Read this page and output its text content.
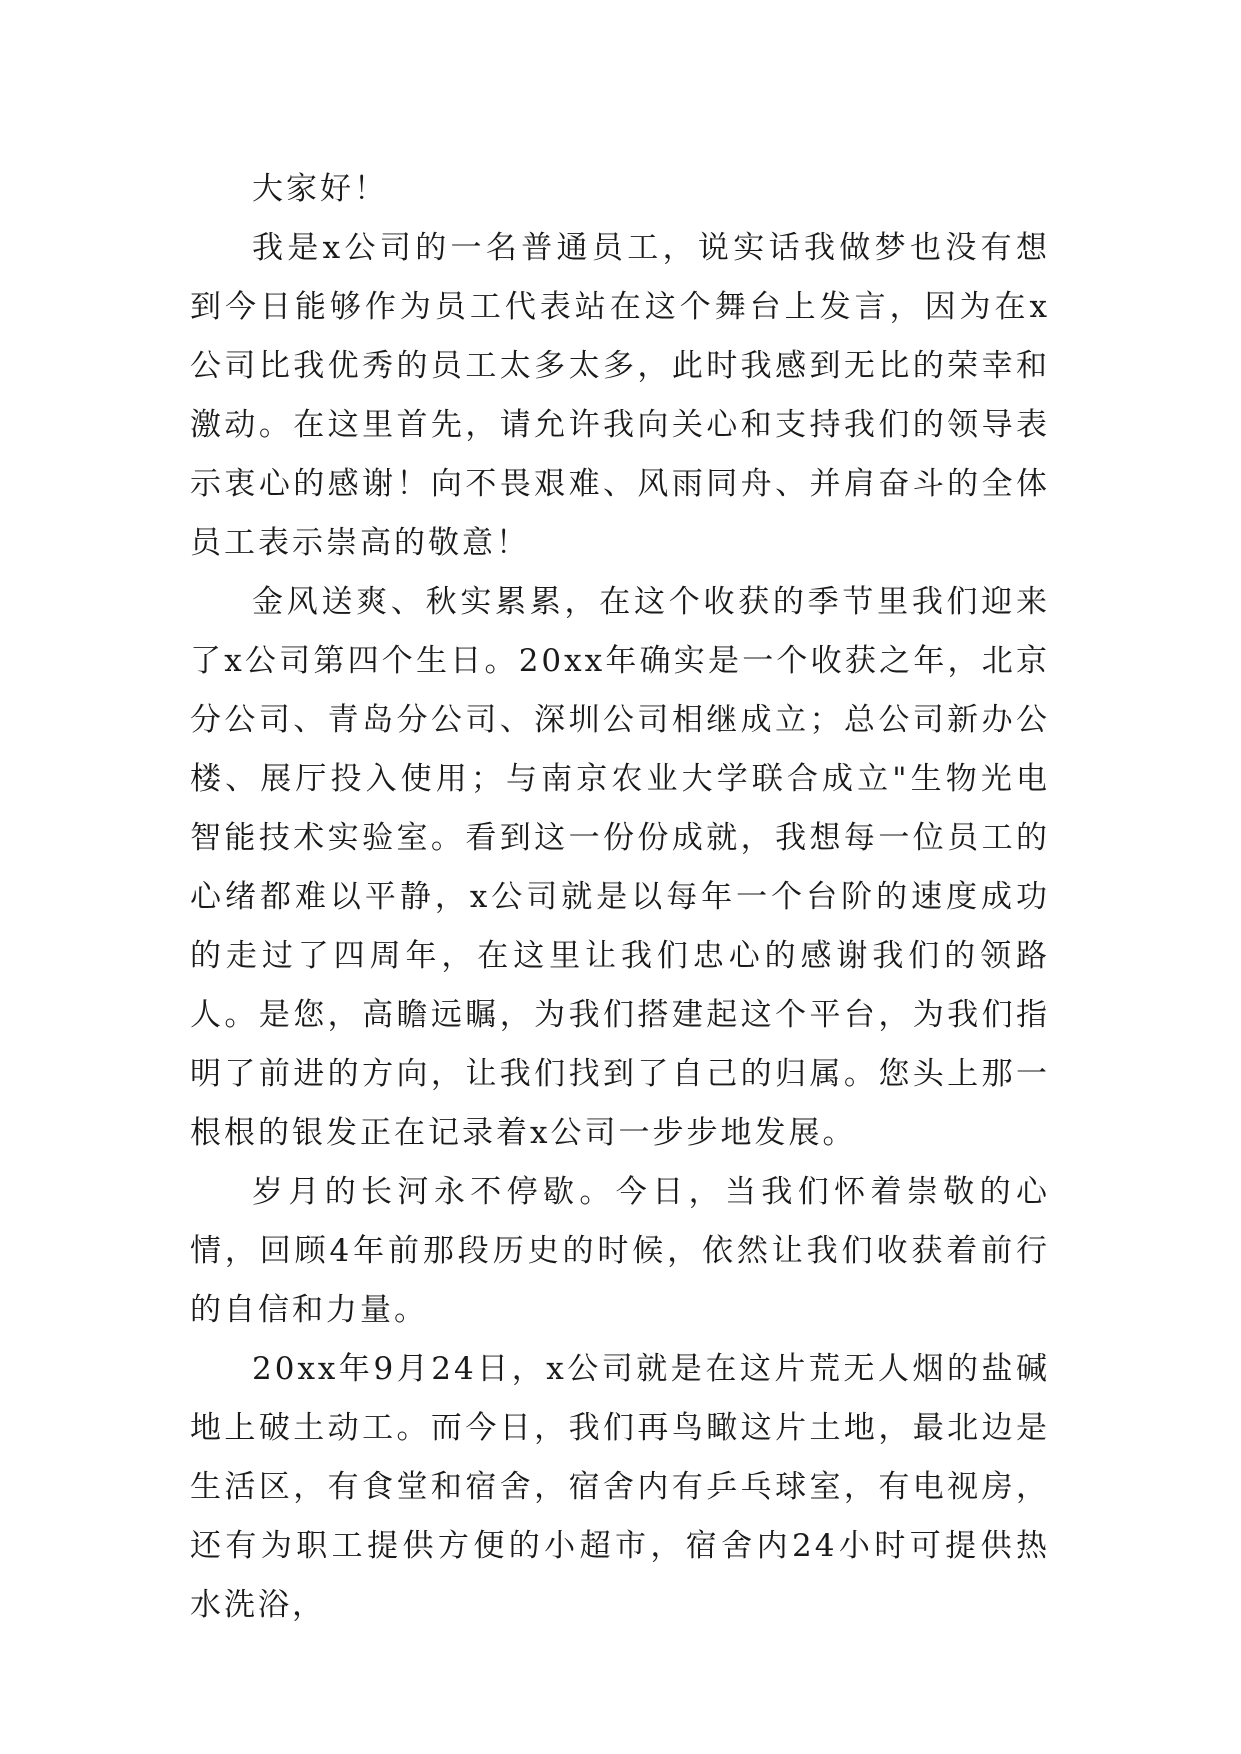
大家好！

我是x公司的一名普通员工，说实话我做梦也没有想到今日能够作为员工代表站在这个舞台上发言，因为在x公司比我优秀的员工太多太多，此时我感到无比的荣幸和激动。在这里首先，请允许我向关心和支持我们的领导表示衷心的感谢！向不畏艰难、风雨同舟、并肩奋斗的全体员工表示崇高的敬意！

金风送爽、秋实累累，在这个收获的季节里我们迎来了x公司第四个生日。20xx年确实是一个收获之年，北京分公司、青岛分公司、深圳公司相继成立；总公司新办公楼、展厅投入使用；与南京农业大学联合成立"生物光电智能技术实验室。看到这一份份成就，我想每一位员工的心绪都难以平静，x公司就是以每年一个台阶的速度成功的走过了四周年，在这里让我们忠心的感谢我们的领路人。是您，高瞻远瞩，为我们搭建起这个平台，为我们指明了前进的方向，让我们找到了自己的归属。您头上那一根根的银发正在记录着x公司一步步地发展。

岁月的长河永不停歇。今日，当我们怀着崇敬的心情，回顾4年前那段历史的时候，依然让我们收获着前行的自信和力量。

20xx年9月24日，x公司就是在这片荒无人烟的盐碱地上破土动工。而今日，我们再鸟瞰这片土地，最北边是生活区，有食堂和宿舍，宿舍内有乒乓球室，有电视房，还有为职工提供方便的小超市，宿舍内24小时可提供热水洗浴，
